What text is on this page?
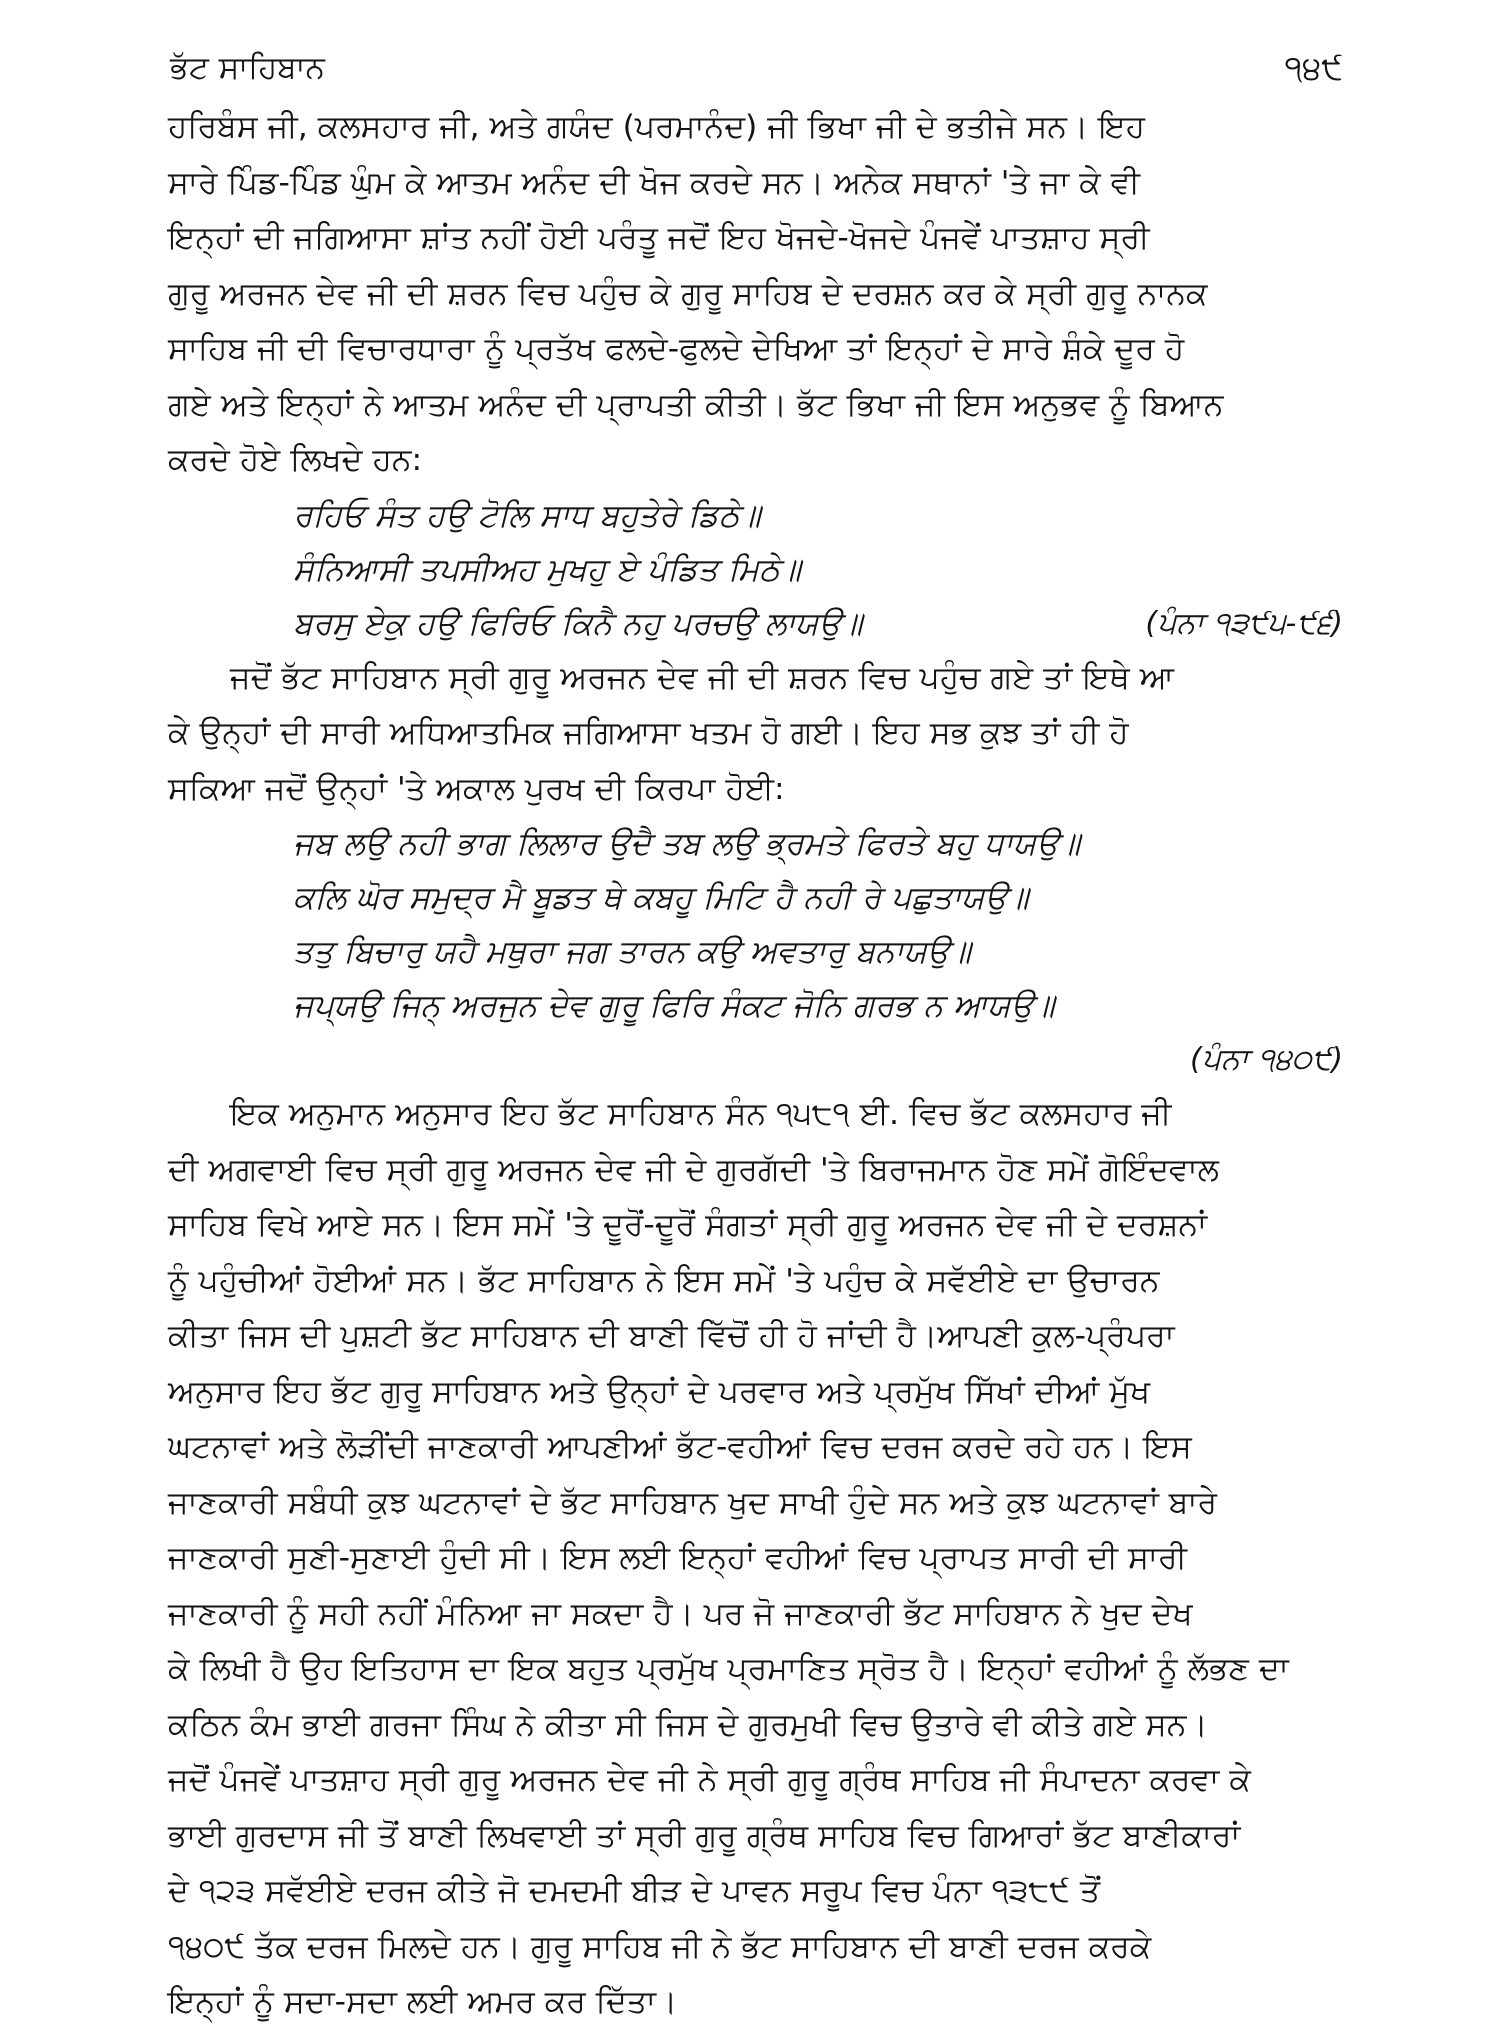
ਭੱਟ ਸਾਹਿਬਾਨ	੧੪੯
ਹਰਿਬੰਸ ਜੀ, ਕਲਸਹਾਰ ਜੀ, ਅਤੇ ਗਯੰਦ (ਪਰਮਾਨੰਦ) ਜੀ ਭਿਖਾ ਜੀ ਦੇ ਭਤੀਜੇ ਸਨ। ਇਹ
ਸਾਰੇ ਪਿੰਡ-ਪਿੰਡ ਘੁੰਮ ਕੇ ਆਤਮ ਅਨੰਦ ਦੀ ਖੋਜ ਕਰਦੇ ਸਨ। ਅਨੇਕ ਸਥਾਨਾਂ 'ਤੇ ਜਾ ਕੇ ਵੀ
ਇਨ੍ਹਾਂ ਦੀ ਜਗਿਆਸਾ ਸ਼ਾਂਤ ਨਹੀਂ ਹੋਈ ਪਰੰਤੂ ਜਦੋਂ ਇਹ ਖੋਜਦੇ-ਖੋਜਦੇ ਪੰਜਵੇਂ ਪਾਤਸ਼ਾਹ ਸ੍ਰੀ
ਗੁਰੂ ਅਰਜਨ ਦੇਵ ਜੀ ਦੀ ਸ਼ਰਨ ਵਿਚ ਪਹੁੰਚ ਕੇ ਗੁਰੂ ਸਾਹਿਬ ਦੇ ਦਰਸ਼ਨ ਕਰ ਕੇ ਸ੍ਰੀ ਗੁਰੂ ਨਾਨਕ
ਸਾਹਿਬ ਜੀ ਦੀ ਵਿਚਾਰਧਾਰਾ ਨੂੰ ਪ੍ਰਤੱਖ ਫਲਦੇ-ਫੁਲਦੇ ਦੇਖਿਆ ਤਾਂ ਇਨ੍ਹਾਂ ਦੇ ਸਾਰੇ ਸ਼ੰਕੇ ਦੂਰ ਹੋ
ਗਏ ਅਤੇ ਇਨ੍ਹਾਂ ਨੇ ਆਤਮ ਅਨੰਦ ਦੀ ਪ੍ਰਾਪਤੀ ਕੀਤੀ। ਭੱਟ ਭਿਖਾ ਜੀ ਇਸ ਅਨੁਭਵ ਨੂੰ ਬਿਆਨ
ਕਰਦੇ ਹੋਏ ਲਿਖਦੇ ਹਨ:
ਰਹਿਓ ਸੰਤ ਹਉ ਟੋਲਿ ਸਾਧ ਬਹੁਤੇਰੇ ਡਿਠੇ॥
ਸੰਨਿਆਸੀ ਤਪਸੀਅਹ ਮੁਖਹੁ ਏ ਪੰਡਿਤ ਮਿਠੇ॥
ਬਰਸੁ ਏਕੁ ਹਉ ਫਿਰਿਓ ਕਿਨੈ ਨਹੁ ਪਰਚਉ ਲਾਯਉ॥	(ਪੰਨਾ ੧੩੯੫-੯੬)
ਜਦੋਂ ਭੱਟ ਸਾਹਿਬਾਨ ਸ੍ਰੀ ਗੁਰੂ ਅਰਜਨ ਦੇਵ ਜੀ ਦੀ ਸ਼ਰਨ ਵਿਚ ਪਹੁੰਚ ਗਏ ਤਾਂ ਇਥੇ ਆ
ਕੇ ਉਨ੍ਹਾਂ ਦੀ ਸਾਰੀ ਅਧਿਆਤਮਿਕ ਜਗਿਆਸਾ ਖਤਮ ਹੋ ਗਈ। ਇਹ ਸਭ ਕੁਝ ਤਾਂ ਹੀ ਹੋ
ਸਕਿਆ ਜਦੋਂ ਉਨ੍ਹਾਂ 'ਤੇ ਅਕਾਲ ਪੁਰਖ ਦੀ ਕਿਰਪਾ ਹੋਈ:
ਜਬ ਲਉ ਨਹੀ ਭਾਗ ਲਿਲਾਰ ਉਦੈ ਤਬ ਲਉ ਭ੍ਰਮਤੇ ਫਿਰਤੇ ਬਹੁ ਧਾਯਉ॥
ਕਲਿ ਘੋਰ ਸਮੁਦ੍ਰ ਮੈ ਬੂਡਤ ਥੇ ਕਬਹੂ ਮਿਟਿ ਹੈ ਨਹੀ ਰੇ ਪਛੁਤਾਯਉ॥
ਤਤੁ ਬਿਚਾਰੁ ਯਹੈ ਮਥੁਰਾ ਜਗ ਤਾਰਨ ਕਉ ਅਵਤਾਰੁ ਬਨਾਯਉ॥
ਜਪ੍ਯਉ ਜਿਨ੍ ਅਰਜੁਨ ਦੇਵ ਗੁਰੂ ਫਿਰਿ ਸੰਕਟ ਜੋਨਿ ਗਰਭ ਨ ਆਯਉ॥
(ਪੰਨਾ ੧੪੦੯)
ਇਕ ਅਨੁਮਾਨ ਅਨੁਸਾਰ ਇਹ ਭੱਟ ਸਾਹਿਬਾਨ ਸੰਨ ੧੫੮੧ ਈ. ਵਿਚ ਭੱਟ ਕਲਸਹਾਰ ਜੀ
ਦੀ ਅਗਵਾਈ ਵਿਚ ਸ੍ਰੀ ਗੁਰੂ ਅਰਜਨ ਦੇਵ ਜੀ ਦੇ ਗੁਰਗੱਦੀ 'ਤੇ ਬਿਰਾਜਮਾਨ ਹੋਣ ਸਮੇਂ ਗੋਇੰਦਵਾਲ
ਸਾਹਿਬ ਵਿਖੇ ਆਏ ਸਨ। ਇਸ ਸਮੇਂ 'ਤੇ ਦੂਰੋਂ-ਦੂਰੋਂ ਸੰਗਤਾਂ ਸ੍ਰੀ ਗੁਰੂ ਅਰਜਨ ਦੇਵ ਜੀ ਦੇ ਦਰਸ਼ਨਾਂ
ਨੂੰ ਪਹੁੰਚੀਆਂ ਹੋਈਆਂ ਸਨ। ਭੱਟ ਸਾਹਿਬਾਨ ਨੇ ਇਸ ਸਮੇਂ 'ਤੇ ਪਹੁੰਚ ਕੇ ਸਵੱਈਏ ਦਾ ਉਚਾਰਨ
ਕੀਤਾ ਜਿਸ ਦੀ ਪੁਸ਼ਟੀ ਭੱਟ ਸਾਹਿਬਾਨ ਦੀ ਬਾਣੀ ਵਿੱਚੋਂ ਹੀ ਹੋ ਜਾਂਦੀ ਹੈ।ਆਪਣੀ ਕੁਲ-ਪ੍ਰੰਪਰਾ
ਅਨੁਸਾਰ ਇਹ ਭੱਟ ਗੁਰੂ ਸਾਹਿਬਾਨ ਅਤੇ ਉਨ੍ਹਾਂ ਦੇ ਪਰਵਾਰ ਅਤੇ ਪ੍ਰਮੁੱਖ ਸਿੱਖਾਂ ਦੀਆਂ ਮੁੱਖ
ਘਟਨਾਵਾਂ ਅਤੇ ਲੋੜੀਂਦੀ ਜਾਣਕਾਰੀ ਆਪਣੀਆਂ ਭੱਟ-ਵਹੀਆਂ ਵਿਚ ਦਰਜ ਕਰਦੇ ਰਹੇ ਹਨ। ਇਸ
ਜਾਣਕਾਰੀ ਸਬੰਧੀ ਕੁਝ ਘਟਨਾਵਾਂ ਦੇ ਭੱਟ ਸਾਹਿਬਾਨ ਖੁਦ ਸਾਖੀ ਹੁੰਦੇ ਸਨ ਅਤੇ ਕੁਝ ਘਟਨਾਵਾਂ ਬਾਰੇ
ਜਾਣਕਾਰੀ ਸੁਣੀ-ਸੁਣਾਈ ਹੁੰਦੀ ਸੀ। ਇਸ ਲਈ ਇਨ੍ਹਾਂ ਵਹੀਆਂ ਵਿਚ ਪ੍ਰਾਪਤ ਸਾਰੀ ਦੀ ਸਾਰੀ
ਜਾਣਕਾਰੀ ਨੂੰ ਸਹੀ ਨਹੀਂ ਮੰਨਿਆ ਜਾ ਸਕਦਾ ਹੈ। ਪਰ ਜੋ ਜਾਣਕਾਰੀ ਭੱਟ ਸਾਹਿਬਾਨ ਨੇ ਖੁਦ ਦੇਖ
ਕੇ ਲਿਖੀ ਹੈ ਉਹ ਇਤਿਹਾਸ ਦਾ ਇਕ ਬਹੁਤ ਪ੍ਰਮੁੱਖ ਪ੍ਰਮਾਣਿਤ ਸ੍ਰੋਤ ਹੈ। ਇਨ੍ਹਾਂ ਵਹੀਆਂ ਨੂੰ ਲੱਭਣ ਦਾ
ਕਠਿਨ ਕੰਮ ਭਾਈ ਗਰਜਾ ਸਿੰਘ ਨੇ ਕੀਤਾ ਸੀ ਜਿਸ ਦੇ ਗੁਰਮੁਖੀ ਵਿਚ ਉਤਾਰੇ ਵੀ ਕੀਤੇ ਗਏ ਸਨ।
ਜਦੋਂ ਪੰਜਵੇਂ ਪਾਤਸ਼ਾਹ ਸ੍ਰੀ ਗੁਰੂ ਅਰਜਨ ਦੇਵ ਜੀ ਨੇ ਸ੍ਰੀ ਗੁਰੂ ਗ੍ਰੰਥ ਸਾਹਿਬ ਜੀ ਸੰਪਾਦਨਾ ਕਰਵਾ ਕੇ
ਭਾਈ ਗੁਰਦਾਸ ਜੀ ਤੋਂ ਬਾਣੀ ਲਿਖਵਾਈ ਤਾਂ ਸ੍ਰੀ ਗੁਰੂ ਗ੍ਰੰਥ ਸਾਹਿਬ ਵਿਚ ਗਿਆਰਾਂ ਭੱਟ ਬਾਣੀਕਾਰਾਂ
ਦੇ ੧੨੩ ਸਵੱਈਏ ਦਰਜ ਕੀਤੇ ਜੋ ਦਮਦਮੀ ਬੀੜ ਦੇ ਪਾਵਨ ਸਰੂਪ ਵਿਚ ਪੰਨਾ ੧੩੮੯ ਤੋਂ
੧੪੦੯ ਤੱਕ ਦਰਜ ਮਿਲਦੇ ਹਨ। ਗੁਰੂ ਸਾਹਿਬ ਜੀ ਨੇ ਭੱਟ ਸਾਹਿਬਾਨ ਦੀ ਬਾਣੀ ਦਰਜ ਕਰਕੇ
ਇਨ੍ਹਾਂ ਨੂੰ ਸਦਾ-ਸਦਾ ਲਈ ਅਮਰ ਕਰ ਦਿੱਤਾ।
